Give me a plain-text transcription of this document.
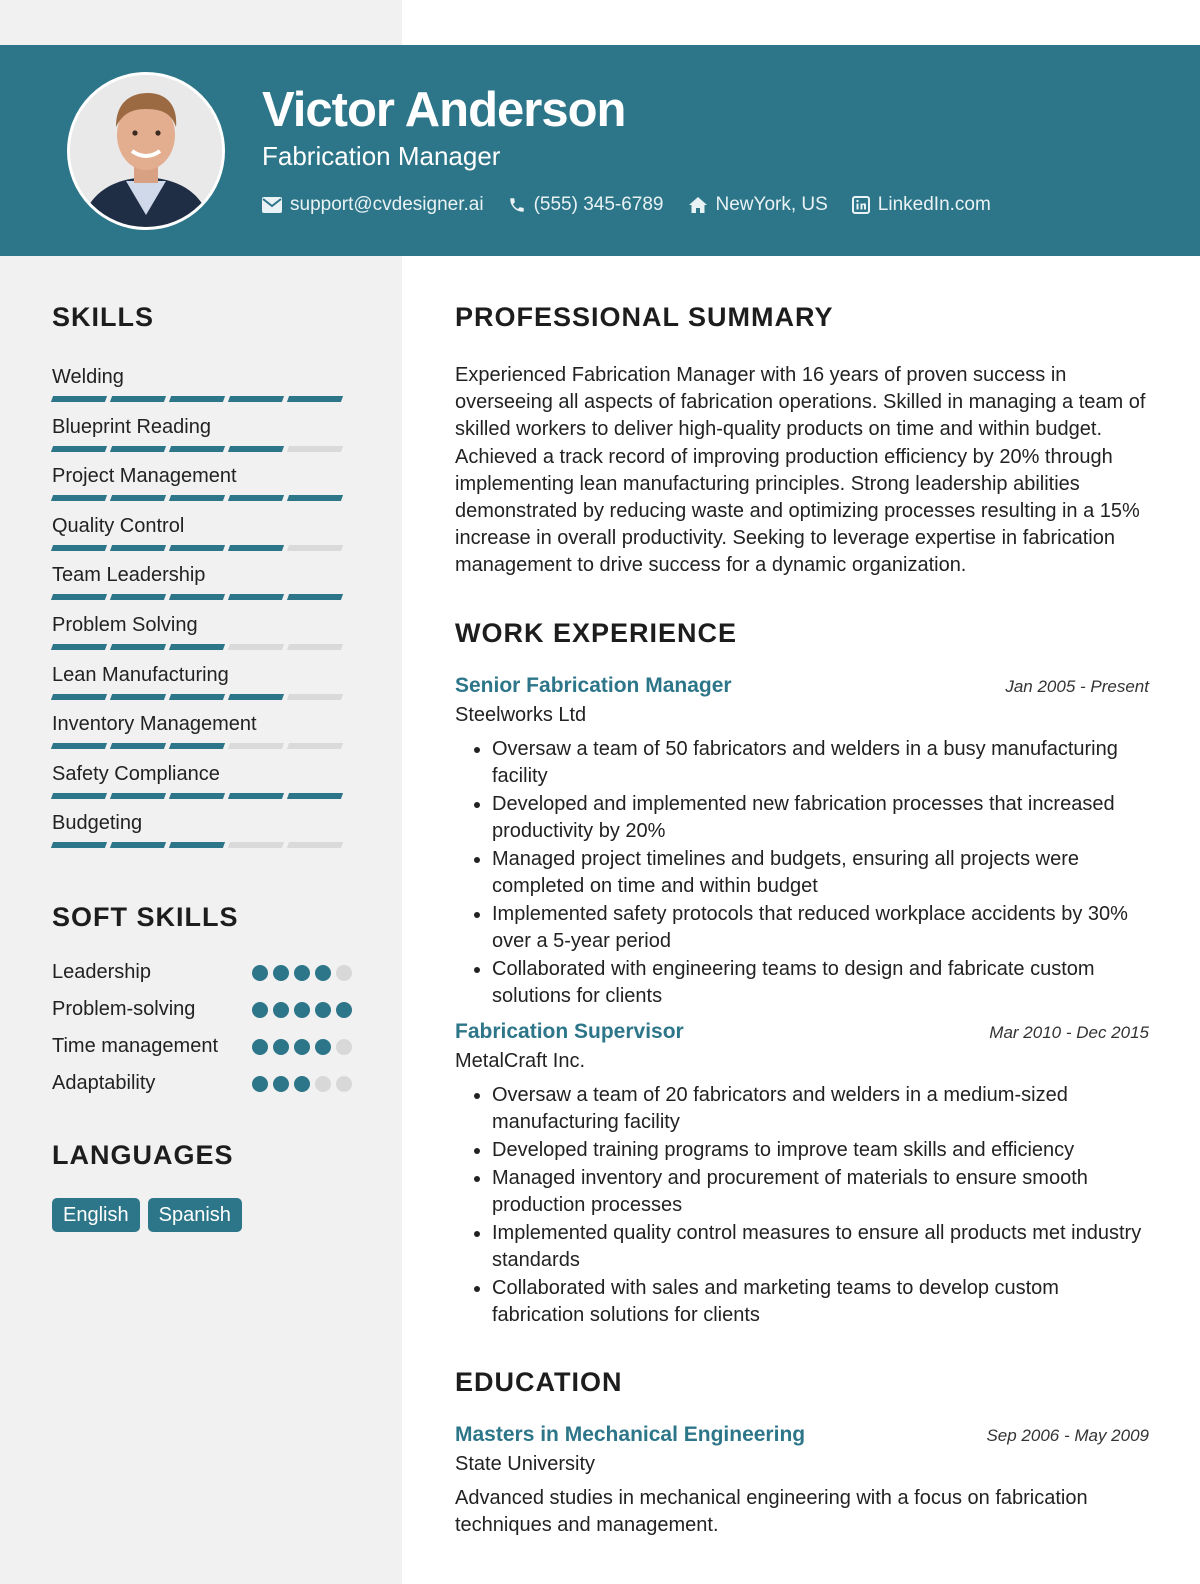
Victor Anderson
Fabrication Manager
support@cvdesigner.ai	(555) 345-6789	NewYork, US	LinkedIn.com
SKILLS
Welding
Blueprint Reading
Project Management
Quality Control
Team Leadership
Problem Solving
Lean Manufacturing
Inventory Management
Safety Compliance
Budgeting
SOFT SKILLS
Leadership
Problem-solving
Time management
Adaptability
LANGUAGES
English	Spanish
PROFESSIONAL SUMMARY

Experienced Fabrication Manager with 16 years of proven success in overseeing all aspects of fabrication operations. Skilled in managing a team of skilled workers to deliver high-quality products on time and within budget. Achieved a track record of improving production efficiency by 20% through implementing lean manufacturing principles. Strong leadership abilities demonstrated by reducing waste and optimizing processes resulting in a 15% increase in overall productivity. Seeking to leverage expertise in fabrication management to drive success for a dynamic organization.

WORK EXPERIENCE
Senior Fabrication Manager	Jan 2005 - Present
Steelworks Ltd
• Oversaw a team of 50 fabricators and welders in a busy manufacturing facility
• Developed and implemented new fabrication processes that increased productivity by 20%
• Managed project timelines and budgets, ensuring all projects were completed on time and within budget
• Implemented safety protocols that reduced workplace accidents by 30% over a 5-year period
• Collaborated with engineering teams to design and fabricate custom solutions for clients
Fabrication Supervisor	Mar 2010 - Dec 2015
MetalCraft Inc.
• Oversaw a team of 20 fabricators and welders in a medium-sized manufacturing facility
• Developed training programs to improve team skills and efficiency
• Managed inventory and procurement of materials to ensure smooth production processes
• Implemented quality control measures to ensure all products met industry standards
• Collaborated with sales and marketing teams to develop custom fabrication solutions for clients
EDUCATION
Masters in Mechanical Engineering	Sep 2006 - May 2009
State University
Advanced studies in mechanical engineering with a focus on fabrication techniques and management.
